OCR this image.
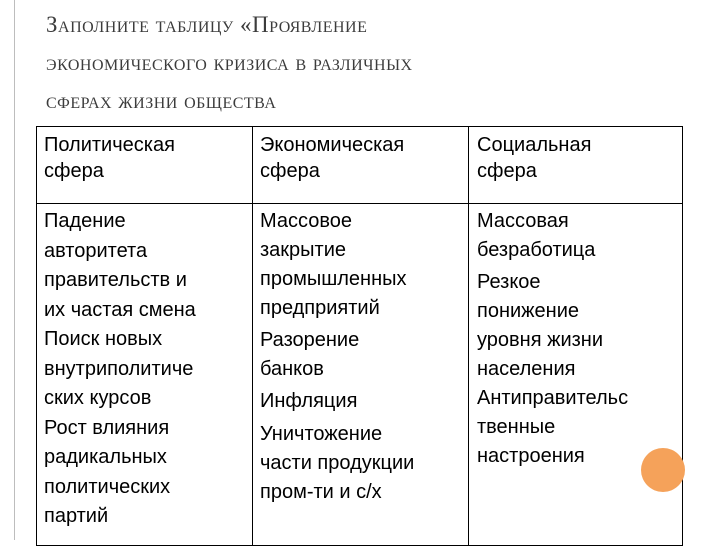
Заполните таблицу «Проявление
экономического кризиса в различных
сферах жизни общества
Политическая
сфера
Экономическая
сфера
Социальная
сфера
Падение
авторитета
правительств и
их частая смена
Поиск новых
внутриполитиче
ских курсов
Рост влияния
радикальных
политических
партий
Массовое
закрытие
промышленных
предприятий
Разорение
банков
Инфляция
Уничтожение
части продукции
пром-ти и с/х
Массовая
безработица
Резкое
понижение
уровня жизни
населения
Антиправительс
твенные
настроения
